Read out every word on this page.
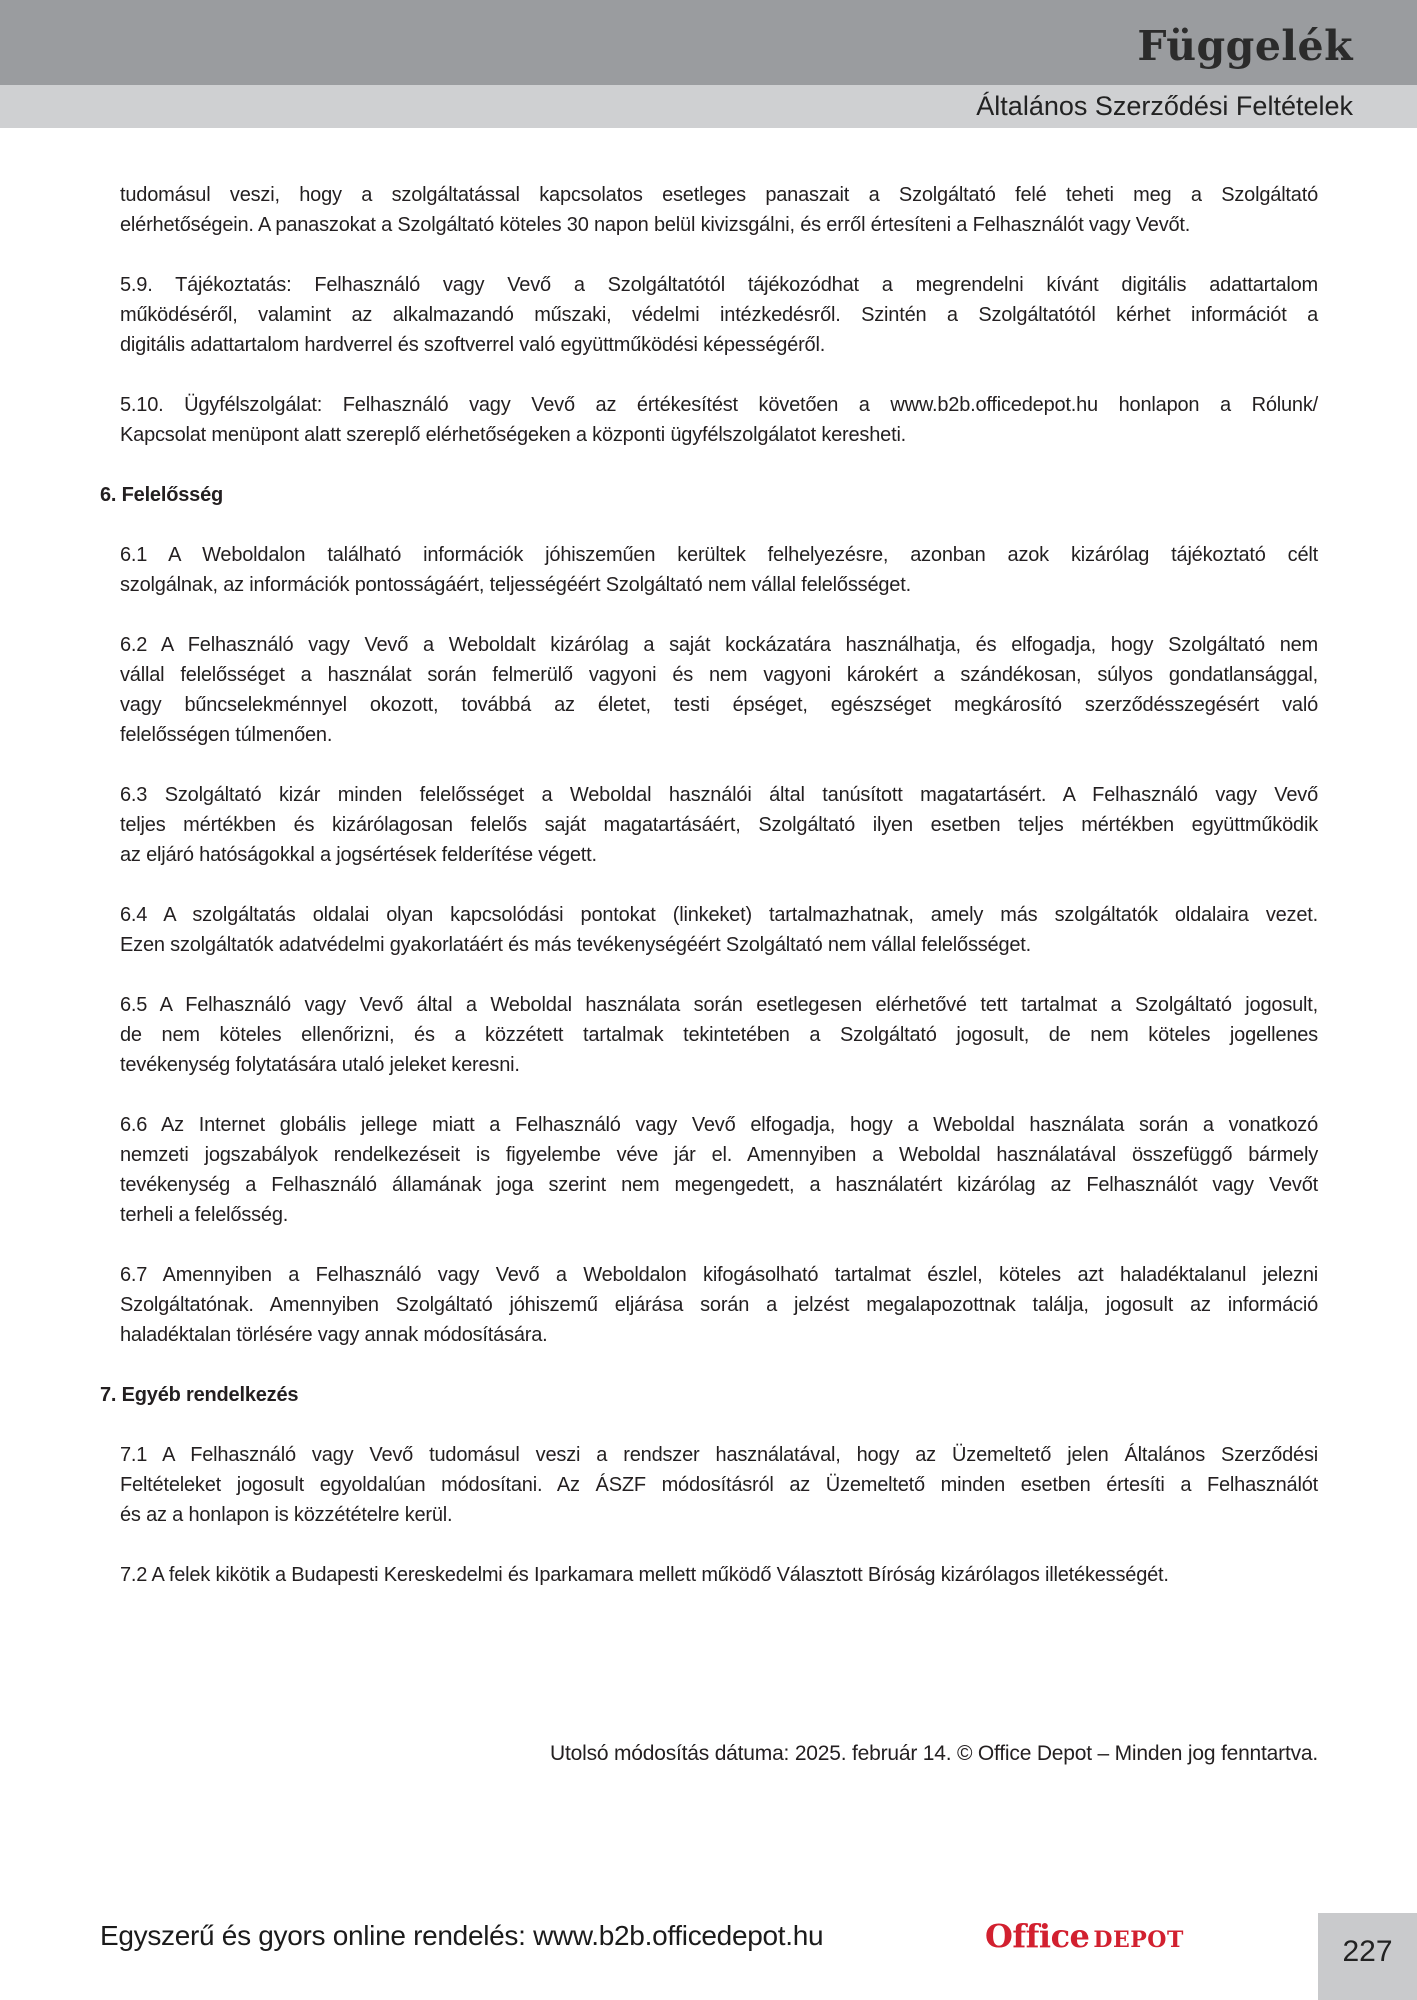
Függelék
Általános Szerződési Feltételek
tudomásul veszi, hogy a szolgáltatással kapcsolatos esetleges panaszait a Szolgáltató felé teheti meg a Szolgáltató
elérhetőségein. A panaszokat a Szolgáltató köteles 30 napon belül kivizsgálni, és erről értesíteni a Felhasználót vagy Vevőt.
5.9. Tájékoztatás: Felhasználó vagy Vevő a Szolgáltatótól tájékozódhat a megrendelni kívánt digitális adattartalom
működéséről, valamint az alkalmazandó műszaki, védelmi intézkedésről. Szintén a Szolgáltatótól kérhet információt a
digitális adattartalom hardverrel és szoftverrel való együttműködési képességéről.
5.10. Ügyfélszolgálat: Felhasználó vagy Vevő az értékesítést követően a www.b2b.officedepot.hu honlapon a Rólunk/
Kapcsolat menüpont alatt szereplő elérhetőségeken a központi ügyfélszolgálatot keresheti.
6. Felelősség
6.1 A Weboldalon található információk jóhiszeműen kerültek felhelyezésre, azonban azok kizárólag tájékoztató célt
szolgálnak, az információk pontosságáért, teljességéért Szolgáltató nem vállal felelősséget.
6.2 A Felhasználó vagy Vevő a Weboldalt kizárólag a saját kockázatára használhatja, és elfogadja, hogy Szolgáltató nem
vállal felelősséget a használat során felmerülő vagyoni és nem vagyoni károkért a szándékosan, súlyos gondatlansággal,
vagy bűncselekménnyel okozott, továbbá az életet, testi épséget, egészséget megkárosító szerződésszegésért való
felelősségen túlmenően.
6.3 Szolgáltató kizár minden felelősséget a Weboldal használói által tanúsított magatartásért. A Felhasználó vagy Vevő
teljes mértékben és kizárólagosan felelős saját magatartásáért, Szolgáltató ilyen esetben teljes mértékben együttműködik
az eljáró hatóságokkal a jogsértések felderítése végett.
6.4 A szolgáltatás oldalai olyan kapcsolódási pontokat (linkeket) tartalmazhatnak, amely más szolgáltatók oldalaira vezet.
Ezen szolgáltatók adatvédelmi gyakorlatáért és más tevékenységéért Szolgáltató nem vállal felelősséget.
6.5 A Felhasználó vagy Vevő által a Weboldal használata során esetlegesen elérhetővé tett tartalmat a Szolgáltató jogosult,
de nem köteles ellenőrizni, és a közzétett tartalmak tekintetében a Szolgáltató jogosult, de nem köteles jogellenes
tevékenység folytatására utaló jeleket keresni.
6.6 Az Internet globális jellege miatt a Felhasználó vagy Vevő elfogadja, hogy a Weboldal használata során a vonatkozó
nemzeti jogszabályok rendelkezéseit is figyelembe véve jár el. Amennyiben a Weboldal használatával összefüggő bármely
tevékenység a Felhasználó államának joga szerint nem megengedett, a használatért kizárólag az Felhasználót vagy Vevőt
terheli a felelősség.
6.7 Amennyiben a Felhasználó vagy Vevő a Weboldalon kifogásolható tartalmat észlel, köteles azt haladéktalanul jelezni
Szolgáltatónak. Amennyiben Szolgáltató jóhiszemű eljárása során a jelzést megalapozottnak találja, jogosult az információ
haladéktalan törlésére vagy annak módosítására.
7. Egyéb rendelkezés
7.1 A Felhasználó vagy Vevő tudomásul veszi a rendszer használatával, hogy az Üzemeltető jelen Általános Szerződési
Feltételeket jogosult egyoldalúan módosítani. Az ÁSZF módosításról az Üzemeltető minden esetben értesíti a Felhasználót
és az a honlapon is közzétételre kerül.
7.2 A felek kikötik a Budapesti Kereskedelmi és Iparkamara mellett működő Választott Bíróság kizárólagos illetékességét.
Utolsó módosítás dátuma: 2025. február 14. © Office Depot – Minden jog fenntartva.
Egyszerű és gyors online rendelés: www.b2b.officedepot.hu	Office DEPOT	227
